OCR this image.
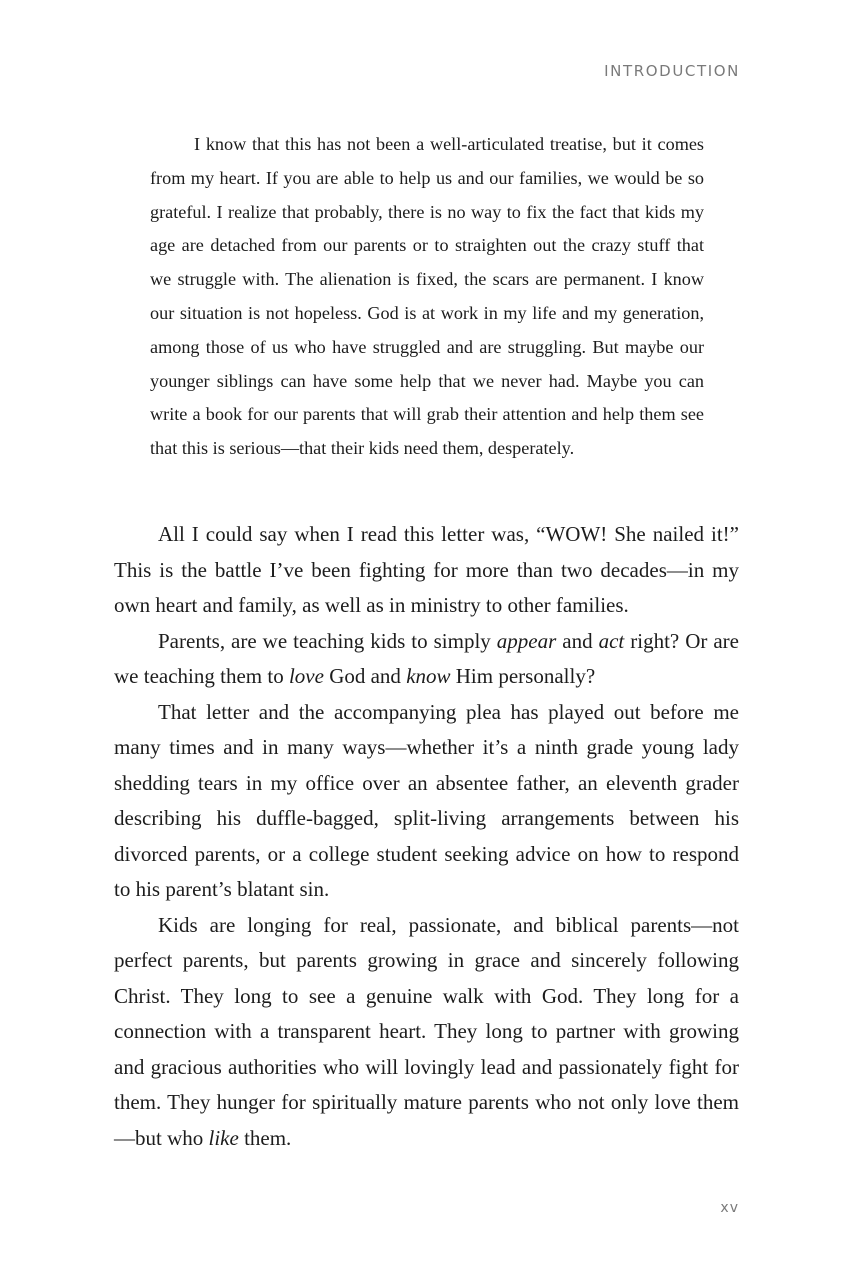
INTRODUCTION

I know that this has not been a well-articulated treatise, but it comes from my heart. If you are able to help us and our families, we would be so grateful. I realize that probably, there is no way to fix the fact that kids my age are detached from our parents or to straighten out the crazy stuff that we struggle with. The alienation is fixed, the scars are permanent. I know our situation is not hopeless. God is at work in my life and my generation, among those of us who have struggled and are struggling. But maybe our younger siblings can have some help that we never had. Maybe you can write a book for our parents that will grab their attention and help them see that this is serious—that their kids need them, desperately.

All I could say when I read this letter was, “WOW! She nailed it!” This is the battle I’ve been fighting for more than two decades—in my own heart and family, as well as in ministry to other families.

Parents, are we teaching kids to simply appear and act right? Or are we teaching them to love God and know Him personally?

That letter and the accompanying plea has played out before me many times and in many ways—whether it’s a ninth grade young lady shedding tears in my office over an absentee father, an eleventh grader describing his duffle-bagged, split-living arrangements between his divorced parents, or a college student seeking advice on how to respond to his parent’s blatant sin.

Kids are longing for real, passionate, and biblical parents—not perfect parents, but parents growing in grace and sincerely following Christ. They long to see a genuine walk with God. They long for a connection with a transparent heart. They long to partner with growing and gracious authorities who will lovingly lead and passionately fight for them. They hunger for spiritually mature parents who not only love them—but who like them.

xv
